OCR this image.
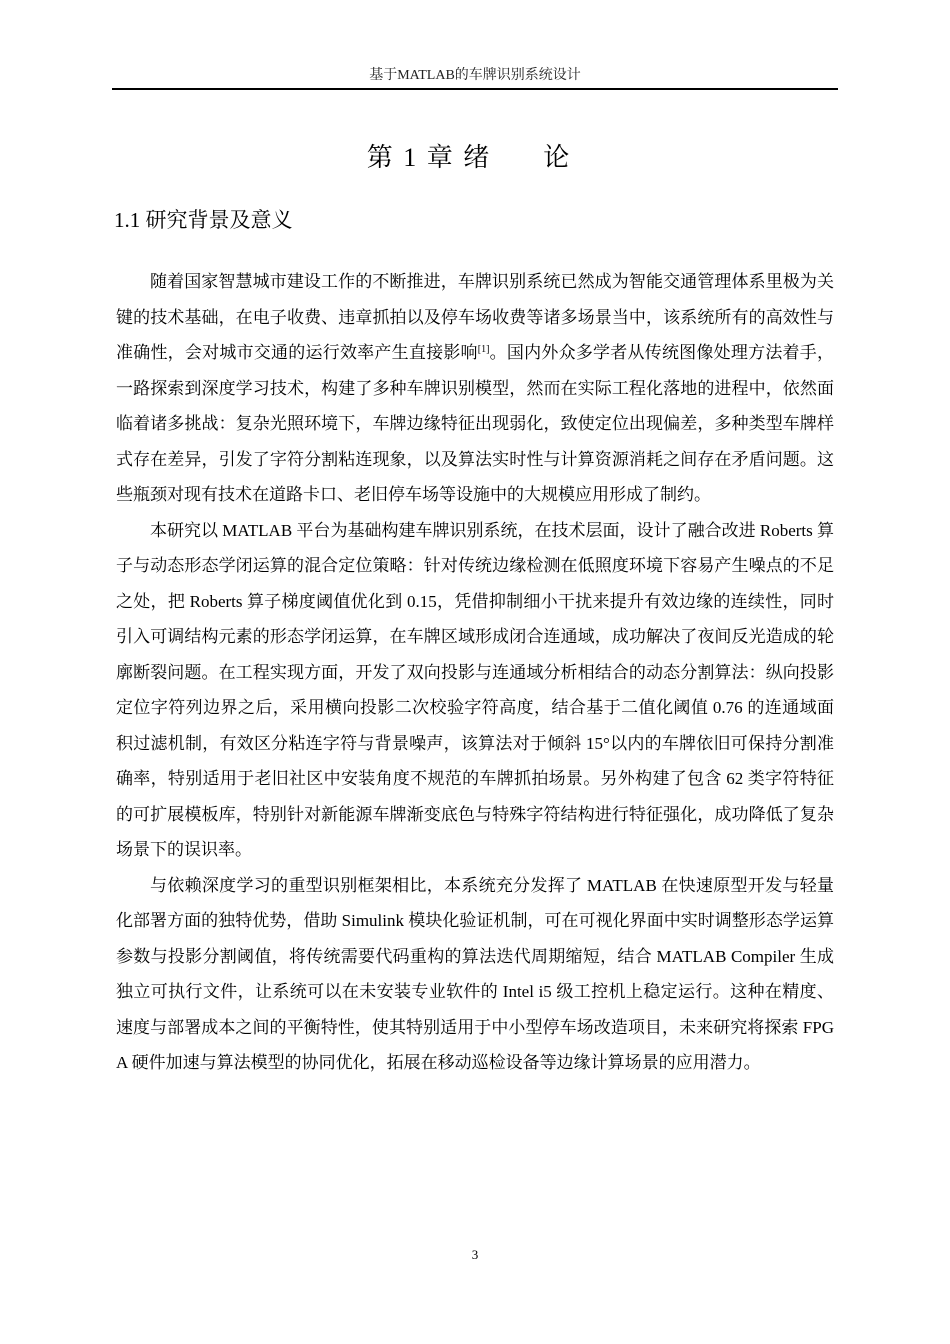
基于MATLAB的车牌识别系统设计
第 1 章 绪　论
1.1 研究背景及意义

随着国家智慧城市建设工作的不断推进，车牌识别系统已然成为智能交通管理体系里极为关键的技术基础，在电子收费、违章抓拍以及停车场收费等诸多场景当中，该系统所有的高效性与准确性，会对城市交通的运行效率产生直接影响[1]。国内外众多学者从传统图像处理方法着手，一路探索到深度学习技术，构建了多种车牌识别模型，然而在实际工程化落地的进程中，依然面临着诸多挑战：复杂光照环境下，车牌边缘特征出现弱化，致使定位出现偏差，多种类型车牌样式存在差异，引发了字符分割粘连现象，以及算法实时性与计算资源消耗之间存在矛盾问题。这些瓶颈对现有技术在道路卡口、老旧停车场等设施中的大规模应用形成了制约。

本研究以 MATLAB 平台为基础构建车牌识别系统，在技术层面，设计了融合改进 Roberts 算子与动态形态学闭运算的混合定位策略：针对传统边缘检测在低照度环境下容易产生噪点的不足之处，把 Roberts 算子梯度阈值优化到 0.15，凭借抑制细小干扰来提升有效边缘的连续性，同时引入可调结构元素的形态学闭运算，在车牌区域形成闭合连通域，成功解决了夜间反光造成的轮廓断裂问题。在工程实现方面，开发了双向投影与连通域分析相结合的动态分割算法：纵向投影定位字符列边界之后，采用横向投影二次校验字符高度，结合基于二值化阈值 0.76 的连通域面积过滤机制，有效区分粘连字符与背景噪声，该算法对于倾斜 15°以内的车牌依旧可保持分割准确率，特别适用于老旧社区中安装角度不规范的车牌抓拍场景。另外构建了包含 62 类字符特征的可扩展模板库，特别针对新能源车牌渐变底色与特殊字符结构进行特征强化，成功降低了复杂场景下的误识率。

与依赖深度学习的重型识别框架相比，本系统充分发挥了 MATLAB 在快速原型开发与轻量化部署方面的独特优势，借助 Simulink 模块化验证机制，可在可视化界面中实时调整形态学运算参数与投影分割阈值，将传统需要代码重构的算法迭代周期缩短，结合 MATLAB Compiler 生成独立可执行文件，让系统可以在未安装专业软件的 Intel i5 级工控机上稳定运行。这种在精度、速度与部署成本之间的平衡特性，使其特别适用于中小型停车场改造项目，未来研究将探索 FPGA 硬件加速与算法模型的协同优化，拓展在移动巡检设备等边缘计算场景的应用潜力。

3
